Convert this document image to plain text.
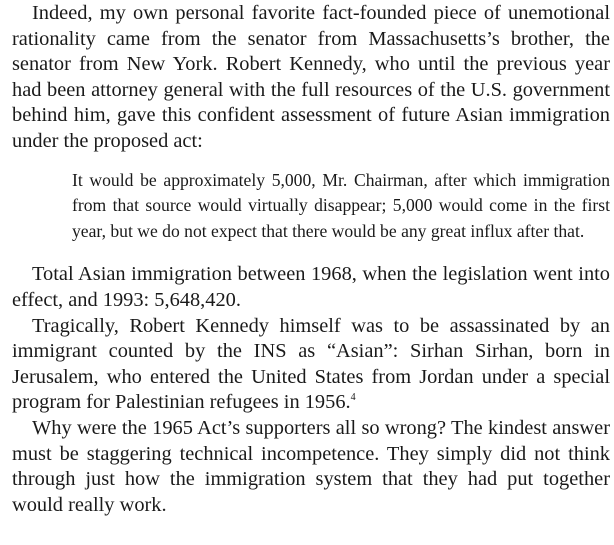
Indeed, my own personal favorite fact-founded piece of unemotional rationality came from the senator from Massachusetts’s brother, the senator from New York. Robert Kennedy, who until the previous year had been attorney general with the full resources of the U.S. government behind him, gave this confident assessment of future Asian immigration under the proposed act:

It would be approximately 5,000, Mr. Chairman, after which immigration from that source would virtually disappear; 5,000 would come in the first year, but we do not expect that there would be any great influx after that.

Total Asian immigration between 1968, when the legislation went into effect, and 1993: 5,648,420.

Tragically, Robert Kennedy himself was to be assassinated by an immigrant counted by the INS as “Asian”: Sirhan Sirhan, born in Jerusalem, who entered the United States from Jordan under a special program for Palestinian refugees in 1956.$^4$

Why were the 1965 Act’s supporters all so wrong? The kindest answer must be staggering technical incompetence. They simply did not think through just how the immigration system that they had put together would really work.
